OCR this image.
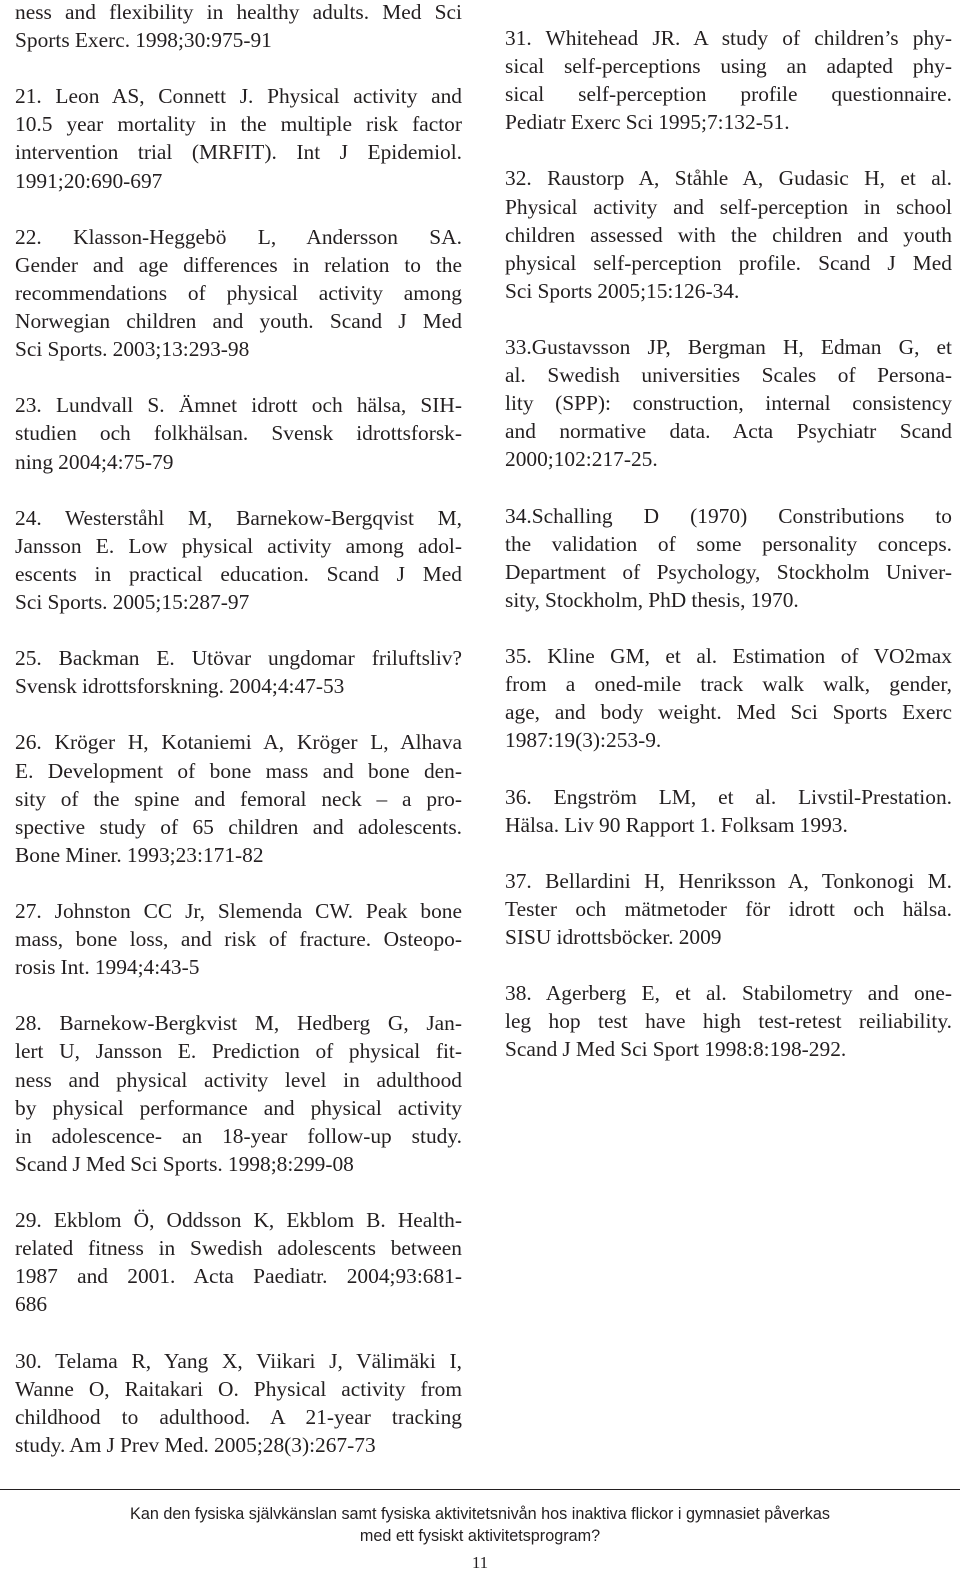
ness and flexibility in healthy adults. Med Sci
Sports Exerc. 1998;30:975-91

21. Leon AS, Connett J. Physical activity and
10.5 year mortality in the multiple risk factor
intervention trial (MRFIT). Int J Epidemiol.
1991;20:690-697

22. Klasson-Heggebö L, Andersson SA.
Gender and age differences in relation to the
recommendations of physical activity among
Norwegian children and youth. Scand J Med
Sci Sports. 2003;13:293-98

23. Lundvall S. Ämnet idrott och hälsa, SIH-
studien och folkhälsan. Svensk idrottsforsk-
ning 2004;4:75-79

24. Westerståhl M, Barnekow-Bergqvist M,
Jansson E. Low physical activity among adol-
escents in practical education. Scand J Med
Sci Sports. 2005;15:287-97

25. Backman E. Utövar ungdomar friluftsliv?
Svensk idrottsforskning. 2004;4:47-53

26. Kröger H, Kotaniemi A, Kröger L, Alhava
E. Development of bone mass and bone den-
sity of the spine and femoral neck – a pro-
spective study of 65 children and adolescents.
Bone Miner. 1993;23:171-82

27. Johnston CC Jr, Slemenda CW. Peak bone
mass, bone loss, and risk of fracture. Osteopo-
rosis Int. 1994;4:43-5

28. Barnekow-Bergkvist M, Hedberg G, Jan-
lert U, Jansson E. Prediction of physical fit-
ness and physical activity level in adulthood
by physical performance and physical activity
in adolescence- an 18-year follow-up study.
Scand J Med Sci Sports. 1998;8:299-08

29. Ekblom Ö, Oddsson K, Ekblom B. Health-
related fitness in Swedish adolescents between
1987 and 2001. Acta Paediatr. 2004;93:681-
686

30. Telama R, Yang X, Viikari J, Välimäki I,
Wanne O, Raitakari O. Physical activity from
childhood to adulthood. A 21-year tracking
study. Am J Prev Med. 2005;28(3):267-73

31. Whitehead JR. A study of children’s phy-
sical self-perceptions using an adapted phy-
sical self-perception profile questionnaire.
Pediatr Exerc Sci 1995;7:132-51.

32. Raustorp A, Ståhle A, Gudasic H, et al.
Physical activity and self-perception in school
children assessed with the children and youth
physical self-perception profile. Scand J Med
Sci Sports 2005;15:126-34.

33.Gustavsson JP, Bergman H, Edman G, et
al. Swedish universities Scales of Persona-
lity (SPP): construction, internal consistency
and normative data. Acta Psychiatr Scand
2000;102:217-25.

34.Schalling D (1970) Constributions to
the validation of some personality conceps.
Department of Psychology, Stockholm Univer-
sity, Stockholm, PhD thesis, 1970.

35. Kline GM, et al. Estimation of VO2max
from a oned-mile track walk walk, gender,
age, and body weight. Med Sci Sports Exerc
1987:19(3):253-9.

36. Engström LM, et al. Livstil-Prestation.
Hälsa. Liv 90 Rapport 1. Folksam 1993.

37. Bellardini H, Henriksson A, Tonkonogi M.
Tester och mätmetoder för idrott och hälsa.
SISU idrottsböcker. 2009

38. Agerberg E, et al. Stabilometry and one-
leg hop test have high test-retest reiliability.
Scand J Med Sci Sport 1998:8:198-292.

Kan den fysiska självkänslan samt fysiska aktivitetsnivån hos inaktiva flickor i gymnasiet påverkas
med ett fysiskt aktivitetsprogram?
11
